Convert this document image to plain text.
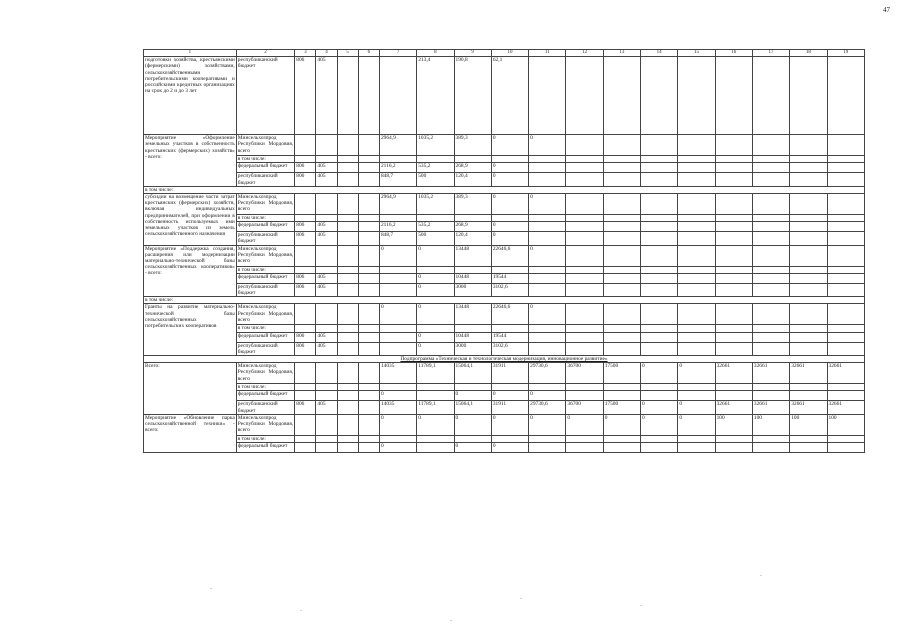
47
1	2	3	4	5	6	7	8	9	10	11	12	13	14	15	16	17	18	19
подготовки хозяйства, крестьянскими (фермерскими) хозяйствами, сельскохозяйственными потребительскими кооперативами и российскими кредитных организациях на срок до 2 и до 3 лет	республиканский бюджет	806	405				213,4	190,8	62,1									
Мероприятие «Оформление земельных участков в собственность крестьянских (фермерских) хозяйств» - всего:	Минсельхозпрод Республики Мордовия, всего					2964,9	1035,2	389,3	0	0								
	в том числе:																	
	федеральный бюджет	806	405			2116,2	535,2	268,9	0									
	республиканский бюджет	806	405			848,7	500	120,4	0									
в том числе:																		
субсидии на возмещение части затрат крестьянских (фермерских) хозяйств, включая индивидуальных предпринимателей, при оформлении в собственность используемых ими земельных участков из земель сельскохозяйственного назначения	Минсельхозпрод Республики Мордовия, всего					2964,9	1035,2	389,3	0	0								
	в том числе:																	
	федеральный бюджет	806	405			2116,2	535,2	268,9	0									
	республиканский бюджет	806	405			848,7	500	120,4	0									
Мероприятие «Поддержка создания, расширения или модернизации материально-технической базы сельскохозяйственных кооперативов» - всего:	Минсельхозпрод Республики Мордовия, всего					0	0	13448	22646,6	0								
	в том числе:																	
	федеральный бюджет	806	405				0	10448	19544									
	республиканский бюджет	806	405				0	3000	3102,6									
в том числе:																		
Гранты на развитие материально-технической базы сельскохозяйственных потребительских кооперативов	Минсельхозпрод Республики Мордовия, всего					0	0	13448	22646,6	0								
	в том числе:																	
	федеральный бюджет	806	405				0	10448	19544									
	республиканский бюджет	806	405				0	3000	3102,6									
Подпрограмма «Техническая и технологическая модернизация, инновационное развитие»																		
Всего:	Минсельхозпрод Республики Мордовия, всего					14035	11789,1	15064,1	31911	29730,6	36700	17500	0	0	32661	32661	32661	32661
	в том числе:																	
	федеральный бюджет					0		0	0	0								
	республиканский бюджет	806	405			14035	11789,1	15064,1	31911	29730,6	36700	17500	0	0	32661	32661	32661	32661
Мероприятие «Обновление парка сельскохозяйственной техники» - всего:	Минсельхозпрод Республики Мордовия, всего					0	0	0	0	0	0	0	0	0	100	100	100	100
	в том числе:																	
	федеральный бюджет					0		0	0									
